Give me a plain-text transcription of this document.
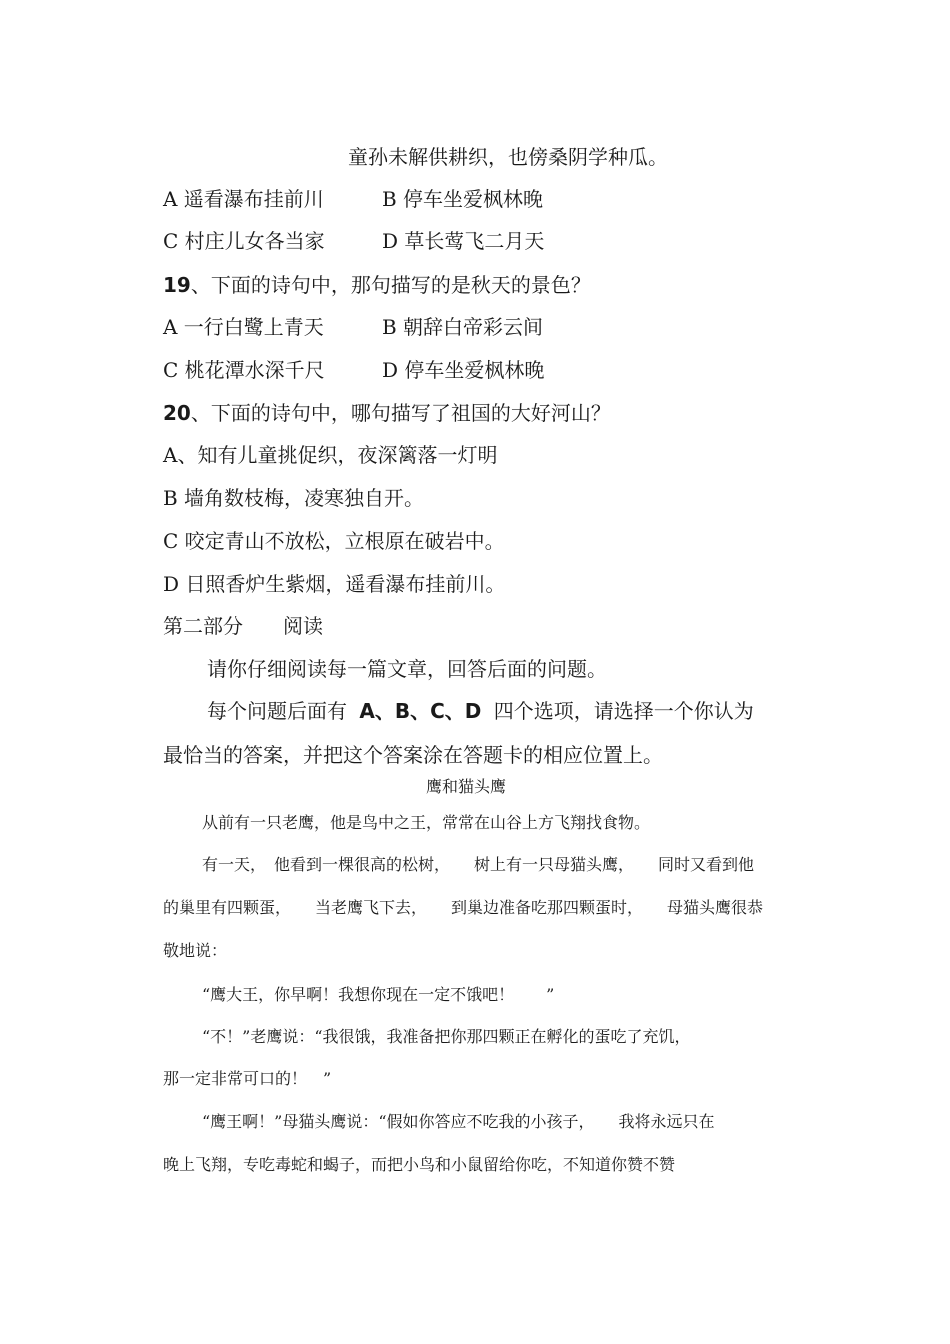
童孙未解供耕织，也傍桑阴学种瓜。
A 遥看瀑布挂前川	B 停车坐爱枫林晚
C 村庄儿女各当家	D 草长莺飞二月天
19、下面的诗句中，那句描写的是秋天的景色？
A 一行白鹭上青天	B 朝辞白帝彩云间
C 桃花潭水深千尺	D 停车坐爱枫林晚
20、下面的诗句中，哪句描写了祖国的大好河山？
A、知有儿童挑促织，夜深篱落一灯明
B 墙角数枝梅，凌寒独自开。
C 咬定青山不放松，立根原在破岩中。
D 日照香炉生紫烟，遥看瀑布挂前川。
第二部分　　阅读
请你仔细阅读每一篇文章，回答后面的问题。
每个问题后面有 A、B、C、D 四个选项，请选择一个你认为
最恰当的答案，并把这个答案涂在答题卡的相应位置上。
鹰和猫头鹰
从前有一只老鹰，他是鸟中之王，常常在山谷上方飞翔找食物。
有一天，　他看到一棵很高的松树，　　树上有一只母猫头鹰，　　同时又看到他
的巢里有四颗蛋，　　当老鹰飞下去，　　到巢边准备吃那四颗蛋时，　　母猫头鹰很恭
敬地说：
“鹰大王，你早啊！我想你现在一定不饿吧！　　”
“不！”老鹰说：“我很饿，我准备把你那四颗正在孵化的蛋吃了充饥，
那一定非常可口的！　”
“鹰王啊！”母猫头鹰说：“假如你答应不吃我的小孩子，　　我将永远只在
晚上飞翔，专吃毒蛇和蝎子，而把小鸟和小鼠留给你吃，不知道你赞不赞
